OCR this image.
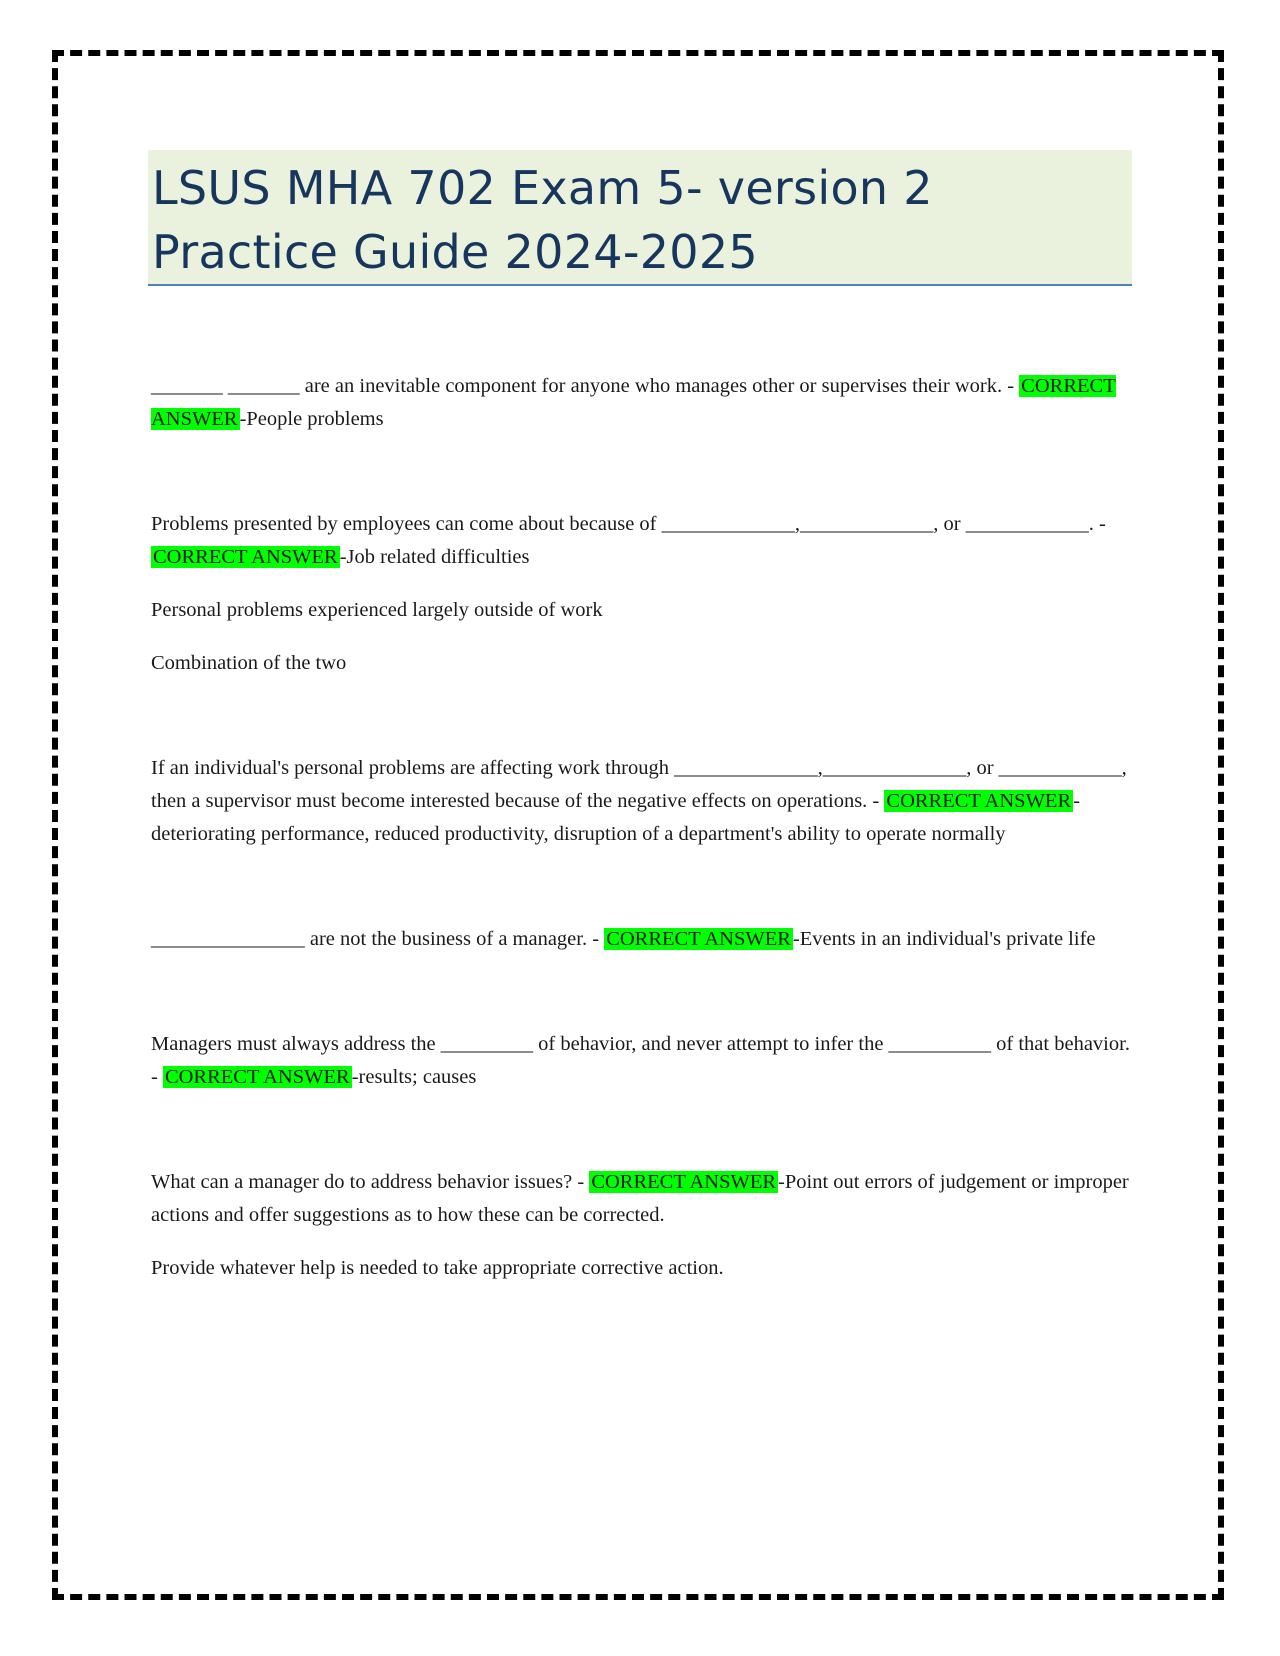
LSUS MHA 702 Exam 5- version 2
Practice Guide 2024-2025

_______ _______ are an inevitable component for anyone who manages other or supervises their work. - CORRECT ANSWER-People problems

Problems presented by employees can come about because of _____________,_____________, or ____________. - CORRECT ANSWER-Job related difficulties

Personal problems experienced largely outside of work

Combination of the two

If an individual's personal problems are affecting work through ______________,______________, or ____________, then a supervisor must become interested because of the negative effects on operations. - CORRECT ANSWER-deteriorating performance, reduced productivity, disruption of a department's ability to operate normally

_______________ are not the business of a manager. - CORRECT ANSWER-Events in an individual's private life

Managers must always address the _________ of behavior, and never attempt to infer the __________ of that behavior. - CORRECT ANSWER-results; causes

What can a manager do to address behavior issues? - CORRECT ANSWER-Point out errors of judgement or improper actions and offer suggestions as to how these can be corrected.

Provide whatever help is needed to take appropriate corrective action.
